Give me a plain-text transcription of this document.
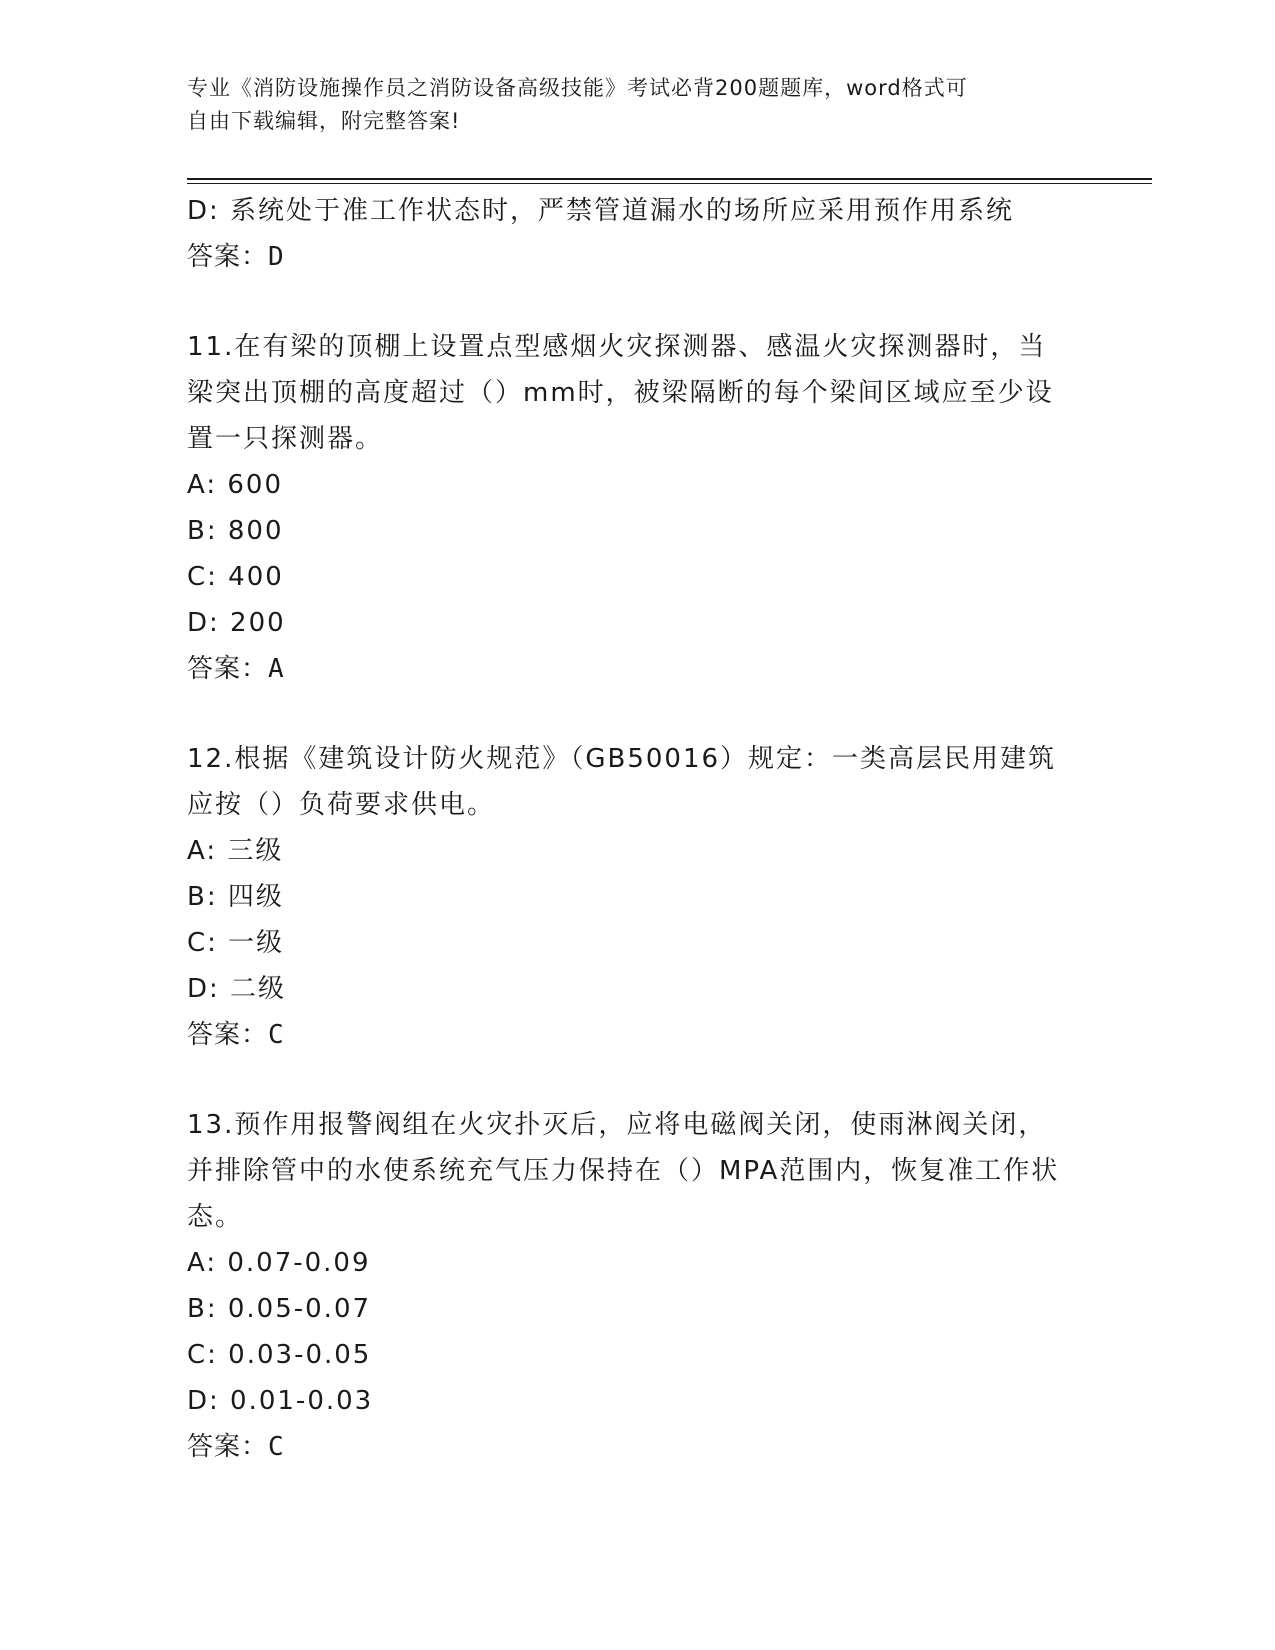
专业《消防设施操作员之消防设备高级技能》考试必背200题题库，word格式可
自由下载编辑，附完整答案!
D: 系统处于准工作状态时，严禁管道漏水的场所应采用预作用系统
答案：D
11.在有梁的顶棚上设置点型感烟火灾探测器、感温火灾探测器时，当
梁突出顶棚的高度超过（）mm时，被梁隔断的每个梁间区域应至少设
置一只探测器。
A: 600
B: 800
C: 400
D: 200
答案：A
12.根据《建筑设计防火规范》（GB50016）规定：一类高层民用建筑
应按（）负荷要求供电。
A: 三级
B: 四级
C: 一级
D: 二级
答案：C
13.预作用报警阀组在火灾扑灭后，应将电磁阀关闭，使雨淋阀关闭，
并排除管中的水使系统充气压力保持在（）MPA范围内，恢复准工作状
态。
A: 0.07-0.09
B: 0.05-0.07
C: 0.03-0.05
D: 0.01-0.03
答案：C
